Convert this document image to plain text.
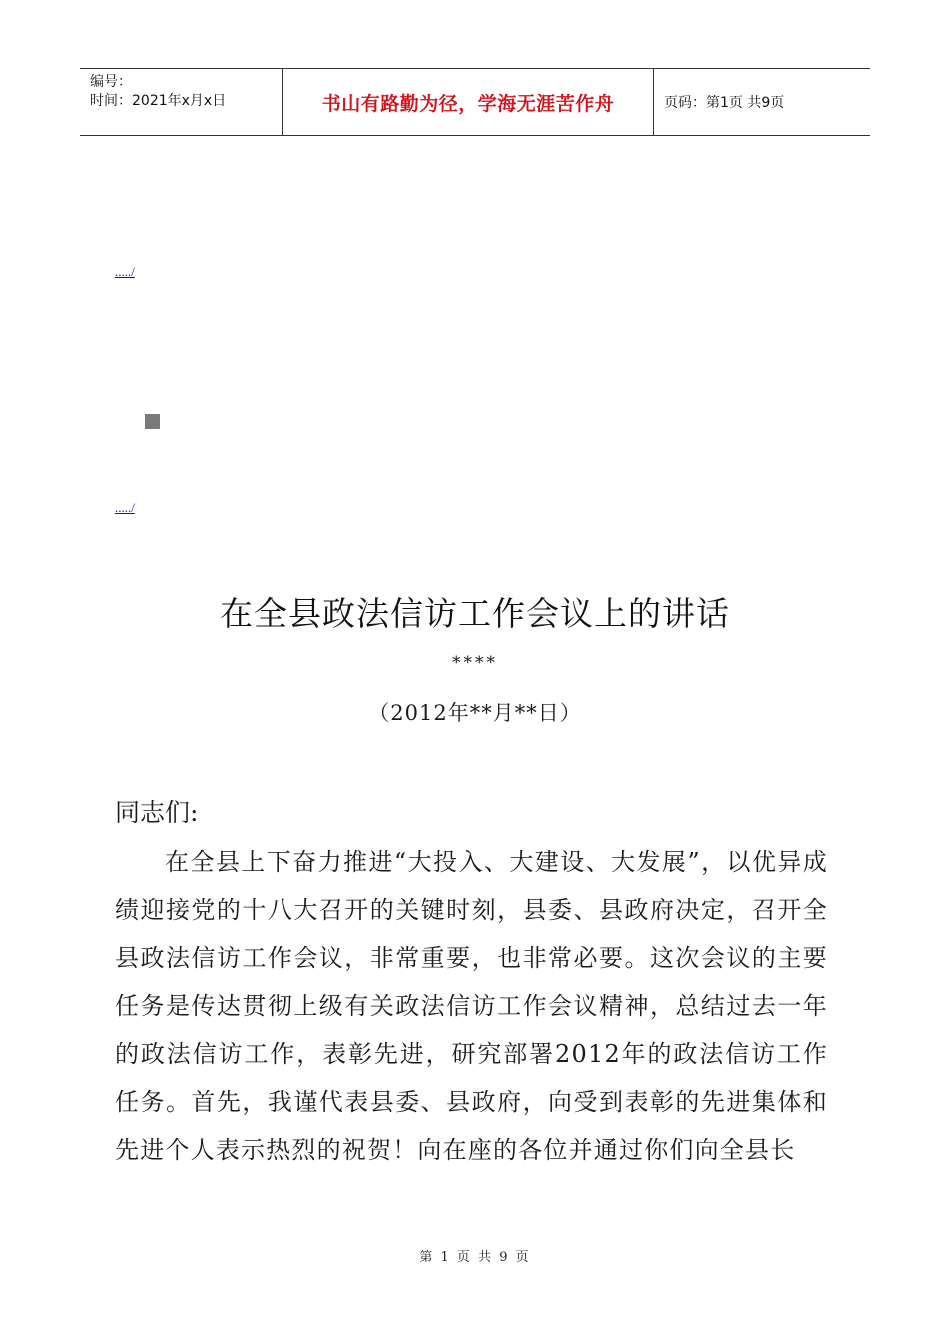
编号：
时间：2021年x月x日	书山有路勤为径，学海无涯苦作舟	页码：第1页 共9页
...../
...../
在全县政法信访工作会议上的讲话
****
（2012年**月**日）
同志们:

在全县上下奋力推进“大投入、大建设、大发展”，以优异成绩迎接党的十八大召开的关键时刻，县委、县政府决定，召开全县政法信访工作会议，非常重要，也非常必要。这次会议的主要任务是传达贯彻上级有关政法信访工作会议精神，总结过去一年的政法信访工作，表彰先进，研究部署2012年的政法信访工作任务。首先，我谨代表县委、县政府，向受到表彰的先进集体和先进个人表示热烈的祝贺！向在座的各位并通过你们向全县长

第 1 页 共 9 页
